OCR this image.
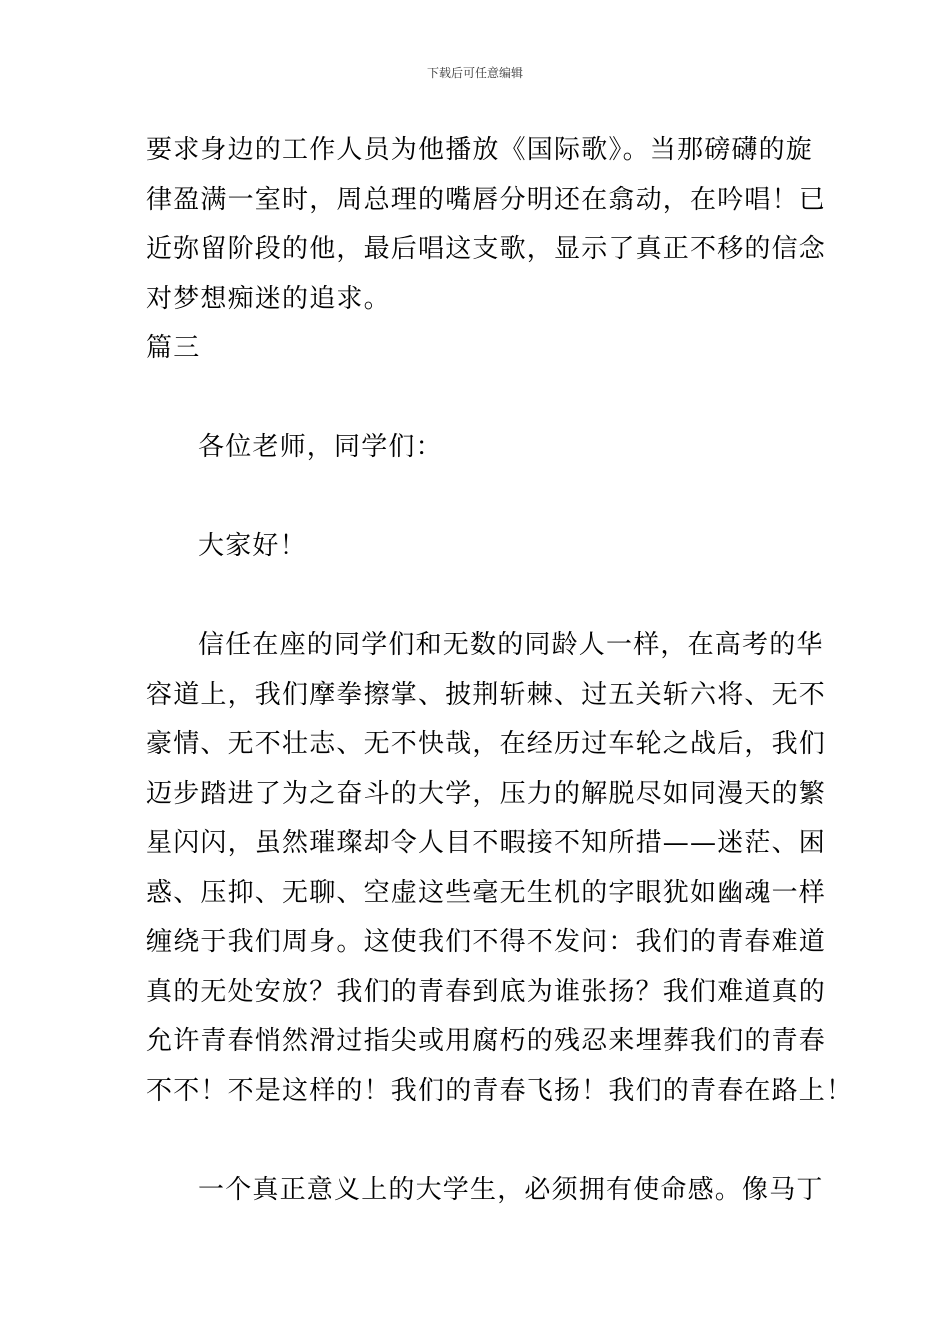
下载后可任意编辑
要求身边的工作人员为他播放《国际歌》。当那磅礴的旋
律盈满一室时，周总理的嘴唇分明还在翕动，在吟唱！已
近弥留阶段的他，最后唱这支歌，显示了真正不移的信念
对梦想痴迷的追求。
篇三
各位老师，同学们：
大家好！
信任在座的同学们和无数的同龄人一样，在高考的华
容道上，我们摩拳擦掌、披荆斩棘、过五关斩六将、无不
豪情、无不壮志、无不快哉，在经历过车轮之战后，我们
迈步踏进了为之奋斗的大学，压力的解脱尽如同漫天的繁
星闪闪，虽然璀璨却令人目不暇接不知所措——迷茫、困
惑、压抑、无聊、空虚这些毫无生机的字眼犹如幽魂一样
缠绕于我们周身。这使我们不得不发问：我们的青春难道
真的无处安放？我们的青春到底为谁张扬？我们难道真的
允许青春悄然滑过指尖或用腐朽的残忍来埋葬我们的青春
不不！不是这样的！我们的青春飞扬！我们的青春在路上！
一个真正意义上的大学生，必须拥有使命感。像马丁
